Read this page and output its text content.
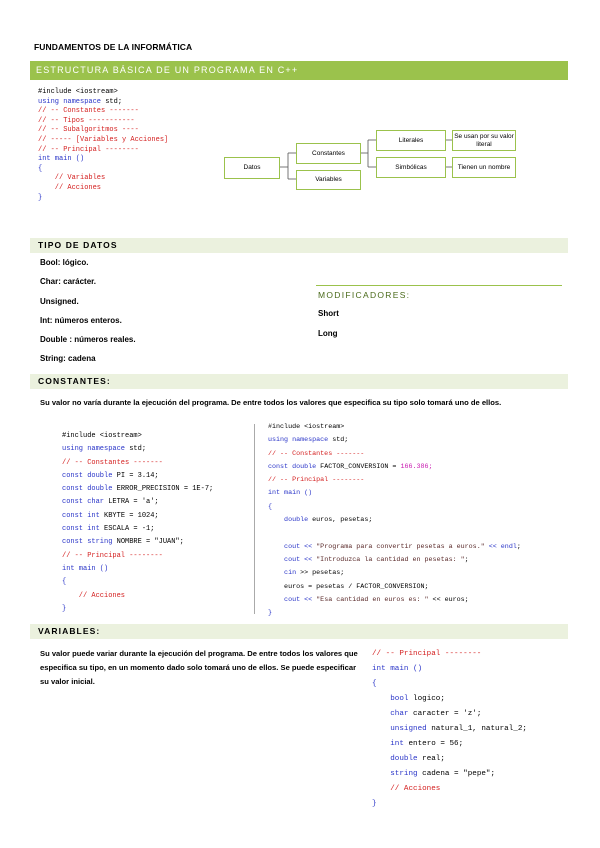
FUNDAMENTOS DE LA INFORMÁTICA
ESTRUCTURA BÁSICA DE UN PROGRAMA EN C++
#include <iostream>
using namespace std;
// -- Constantes -------
// -- Tipos -----------
// -- Subalgoritmos ----
// ----- [Variables y Acciones]
// -- Principal --------
int main ()
{
// Variables
// Acciones
}
Datos
Constantes
Variables
Literales
Simbólicas
Se usan por su valor literal
Tienen un nombre
TIPO DE DATOS
Bool: lógico.
Char: carácter.
Unsigned.
Int: números enteros.
Double : números reales.
String: cadena
MODIFICADORES:
Short
Long
CONSTANTES:
Su valor no varía durante la ejecución del programa. De entre todos los valores que especifica su tipo solo tomará uno de ellos.
#include <iostream>
using namespace std;
// -- Constantes -------
const double PI = 3.14;
const double ERROR_PRECISION = 1E-7;
const char LETRA = 'a';
const int KBYTE = 1024;
const int ESCALA = -1;
const string NOMBRE = "JUAN";
// -- Principal --------
int main ()
{
// Acciones
}
#include <iostream>
using namespace std;
// -- Constantes -------
const double FACTOR_CONVERSION = 166.386;
// -- Principal --------
int main ()
{
double euros, pesetas;

cout << "Programa para convertir pesetas a euros." << endl;
cout << "Introduzca la cantidad en pesetas: ";
cin >> pesetas;
euros = pesetas / FACTOR_CONVERSION;
cout << "Esa cantidad en euros es: " << euros;
}
VARIABLES:
Su valor puede variar durante la ejecución del programa. De entre todos los valores que especifica su tipo, en un momento dado solo tomará uno de ellos. Se puede especificar su valor inicial.
// -- Principal --------
int main ()
{
bool logico;
char caracter = 'z';
unsigned natural_1, natural_2;
int entero = 56;
double real;
string cadena = "pepe";
// Acciones
}
